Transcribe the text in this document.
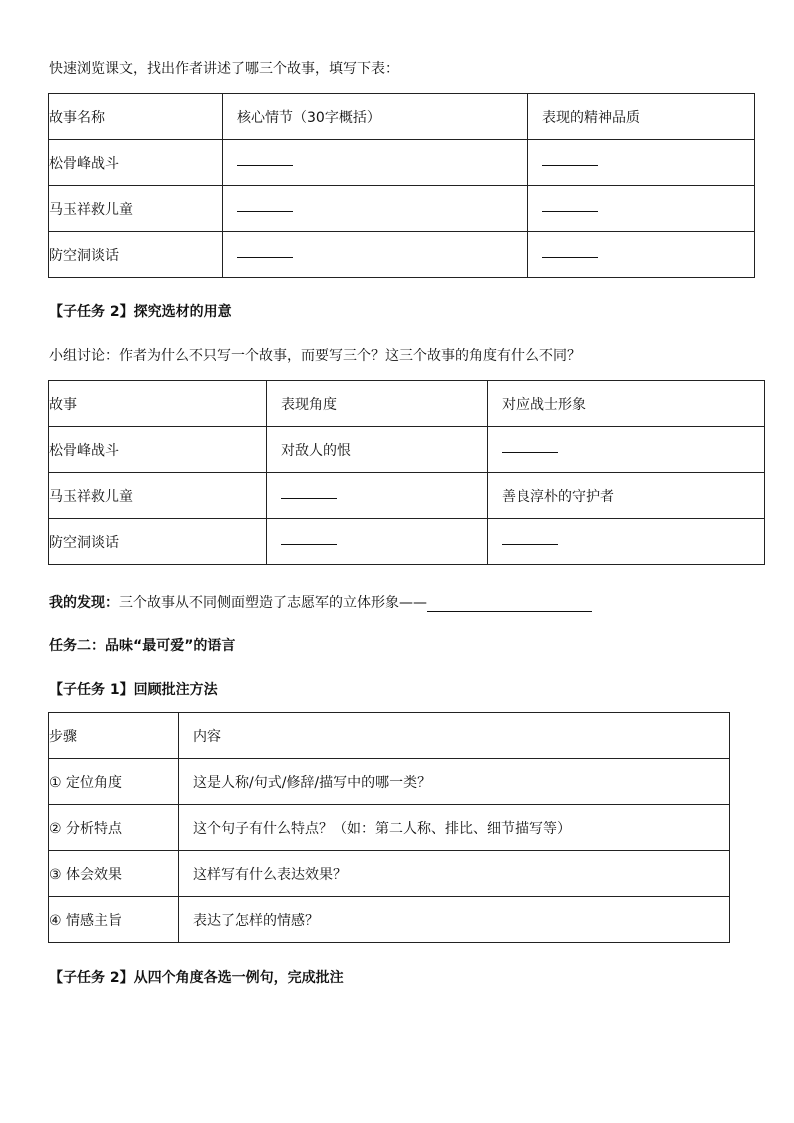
快速浏览课文，找出作者讲述了哪三个故事，填写下表：
故事名称	核心情节（30字概括）	表现的精神品质
松骨峰战斗		
马玉祥救儿童		
防空洞谈话		
【子任务 2】探究选材的用意
小组讨论：作者为什么不只写一个故事，而要写三个？这三个故事的角度有什么不同？
故事	表现角度	对应战士形象
松骨峰战斗	对敌人的恨	
马玉祥救儿童		善良淳朴的守护者
防空洞谈话		
我的发现：三个故事从不同侧面塑造了志愿军的立体形象——
任务二：品味“最可爱”的语言
【子任务 1】回顾批注方法
步骤	内容
① 定位角度	这是人称/句式/修辞/描写中的哪一类？
② 分析特点	这个句子有什么特点？（如：第二人称、排比、细节描写等）
③ 体会效果	这样写有什么表达效果？
④ 情感主旨	表达了怎样的情感？
【子任务 2】从四个角度各选一例句，完成批注
